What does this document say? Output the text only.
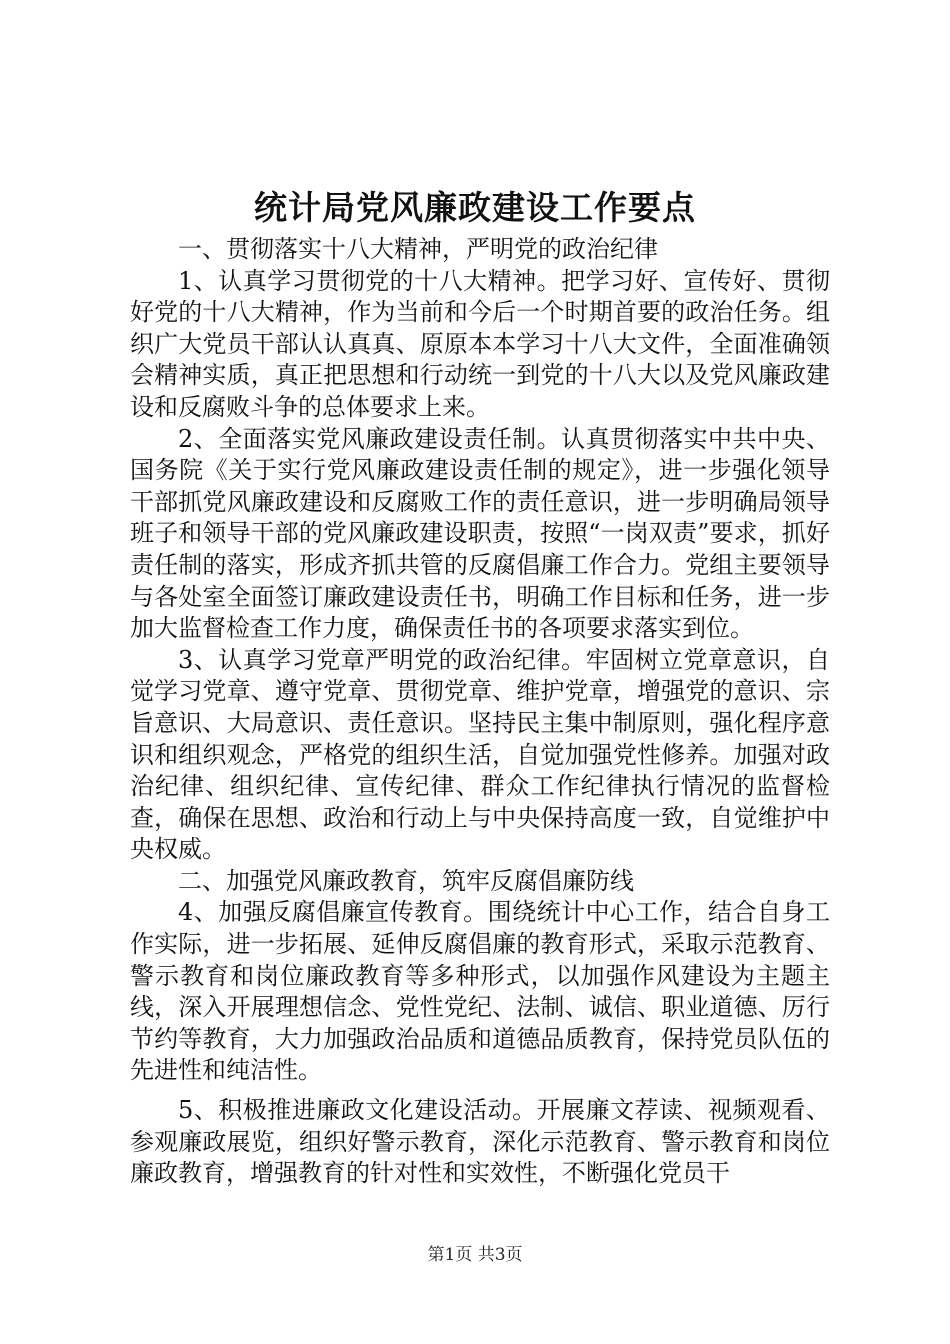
统计局党风廉政建设工作要点

一、贯彻落实十八大精神，严明党的政治纪律

1、认真学习贯彻党的十八大精神。把学习好、宣传好、贯彻好党的十八大精神，作为当前和今后一个时期首要的政治任务。组织广大党员干部认认真真、原原本本学习十八大文件，全面准确领会精神实质，真正把思想和行动统一到党的十八大以及党风廉政建设和反腐败斗争的总体要求上来。

2、全面落实党风廉政建设责任制。认真贯彻落实中共中央、国务院《关于实行党风廉政建设责任制的规定》，进一步强化领导干部抓党风廉政建设和反腐败工作的责任意识，进一步明确局领导班子和领导干部的党风廉政建设职责，按照“一岗双责”要求，抓好责任制的落实，形成齐抓共管的反腐倡廉工作合力。党组主要领导与各处室全面签订廉政建设责任书，明确工作目标和任务，进一步加大监督检查工作力度，确保责任书的各项要求落实到位。

3、认真学习党章严明党的政治纪律。牢固树立党章意识，自觉学习党章、遵守党章、贯彻党章、维护党章，增强党的意识、宗旨意识、大局意识、责任意识。坚持民主集中制原则，强化程序意识和组织观念，严格党的组织生活，自觉加强党性修养。加强对政治纪律、组织纪律、宣传纪律、群众工作纪律执行情况的监督检查，确保在思想、政治和行动上与中央保持高度一致，自觉维护中央权威。

二、加强党风廉政教育，筑牢反腐倡廉防线

4、加强反腐倡廉宣传教育。围绕统计中心工作，结合自身工作实际，进一步拓展、延伸反腐倡廉的教育形式，采取示范教育、警示教育和岗位廉政教育等多种形式，以加强作风建设为主题主线，深入开展理想信念、党性党纪、法制、诚信、职业道德、厉行节约等教育，大力加强政治品质和道德品质教育，保持党员队伍的先进性和纯洁性。

5、积极推进廉政文化建设活动。开展廉文荐读、视频观看、参观廉政展览，组织好警示教育，深化示范教育、警示教育和岗位廉政教育，增强教育的针对性和实效性，不断强化党员干

第1页 共3页
